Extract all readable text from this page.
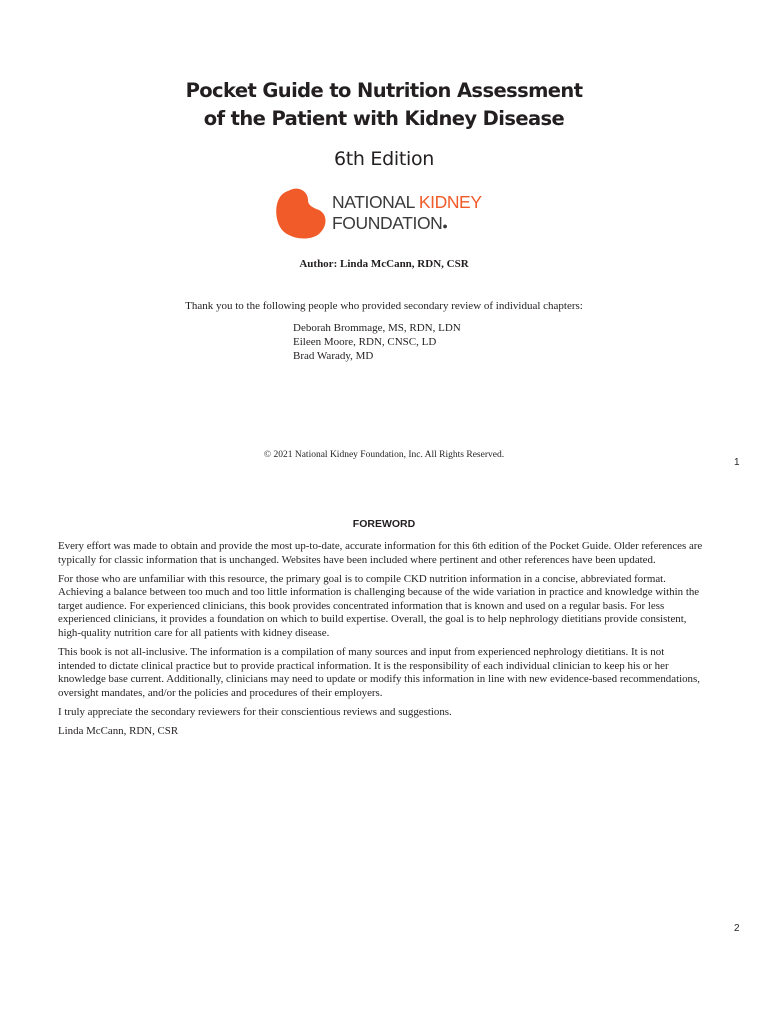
Pocket Guide to Nutrition Assessment
of the Patient with Kidney Disease
6th Edition
NATIONAL KIDNEY
FOUNDATION●
Author: Linda McCann, RDN, CSR
Thank you to the following people who provided secondary review of individual chapters:
Deborah Brommage, MS, RDN, LDN
Eileen Moore, RDN, CNSC, LD
Brad Warady, MD
© 2021 National Kidney Foundation, Inc. All Rights Reserved.
1
FOREWORD

Every effort was made to obtain and provide the most up-to-date, accurate information for this 6th edition of the Pocket Guide. Older references are typically for classic information that is unchanged. Websites have been included where pertinent and other references have been updated.

For those who are unfamiliar with this resource, the primary goal is to compile CKD nutrition information in a concise, abbreviated format. Achieving a balance between too much and too little information is challenging because of the wide variation in practice and knowledge within the target audience. For experienced clinicians, this book provides concentrated information that is known and used on a regular basis. For less experienced clinicians, it provides a foundation on which to build expertise. Overall, the goal is to help nephrology dietitians provide consistent, high-quality nutrition care for all patients with kidney disease.

This book is not all-inclusive. The information is a compilation of many sources and input from experienced nephrology dietitians. It is not intended to dictate clinical practice but to provide practical information. It is the responsibility of each individual clinician to keep his or her knowledge base current. Additionally, clinicians may need to update or modify this information in line with new evidence-based recommendations, oversight mandates, and/or the policies and procedures of their employers.

I truly appreciate the secondary reviewers for their conscientious reviews and suggestions.

Linda McCann, RDN, CSR

2
